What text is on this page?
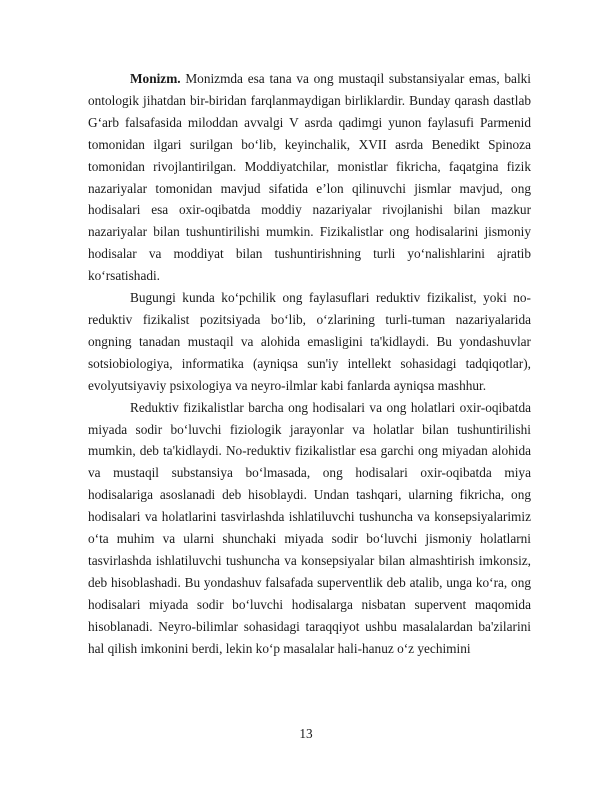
Monizm. Monizmda esa tana va ong mustaqil substansiyalar emas, balki ontologik jihatdan bir-biridan farqlanmaydigan birliklardir. Bunday qarash dastlab G‘arb falsafasida miloddan avvalgi V asrda qadimgi yunon faylasufi Parmenid tomonidan ilgari surilgan bo‘lib, keyinchalik, XVII asrda Benedikt Spinoza tomonidan rivojlantirilgan. Moddiyatchilar, monistlar fikricha, faqatgina fizik nazariyalar tomonidan mavjud sifatida e’lon qilinuvchi jismlar mavjud, ong hodisalari esa oxir-oqibatda moddiy nazariyalar rivojlanishi bilan mazkur nazariyalar bilan tushuntirilishi mumkin. Fizikalistlar ong hodisalarini jismoniy hodisalar va moddiyat bilan tushuntirishning turli yo‘nalishlarini ajratib ko‘rsatishadi.

Bugungi kunda ko‘pchilik ong faylasuflari reduktiv fizikalist, yoki no-reduktiv fizikalist pozitsiyada bo‘lib, o‘zlarining turli-tuman nazariyalarida ongning tanadan mustaqil va alohida emasligini ta'kidlaydi. Bu yondashuvlar sotsiobiologiya, informatika (ayniqsa sun'iy intellekt sohasidagi tadqiqotlar), evolyutsiyaviy psixologiya va neyro-ilmlar kabi fanlarda ayniqsa mashhur.

Reduktiv fizikalistlar barcha ong hodisalari va ong holatlari oxir-oqibatda miyada sodir bo‘luvchi fiziologik jarayonlar va holatlar bilan tushuntirilishi mumkin, deb ta'kidlaydi. No-reduktiv fizikalistlar esa garchi ong miyadan alohida va mustaqil substansiya bo‘lmasada, ong hodisalari oxir-oqibatda miya hodisalariga asoslanadi deb hisoblaydi. Undan tashqari, ularning fikricha, ong hodisalari va holatlarini tasvirlashda ishlatiluvchi tushuncha va konsepsiyalarimiz o‘ta muhim va ularni shunchaki miyada sodir bo‘luvchi jismoniy holatlarni tasvirlashda ishlatiluvchi tushuncha va konsepsiyalar bilan almashtirish imkonsiz, deb hisoblashadi. Bu yondashuv falsafada superventlik deb atalib, unga ko‘ra, ong hodisalari miyada sodir bo‘luvchi hodisalarga nisbatan supervent maqomida hisoblanadi. Neyro-bilimlar sohasidagi taraqqiyot ushbu masalalardan ba'zilarini hal qilish imkonini berdi, lekin ko‘p masalalar hali-hanuz o‘z yechimini

13
